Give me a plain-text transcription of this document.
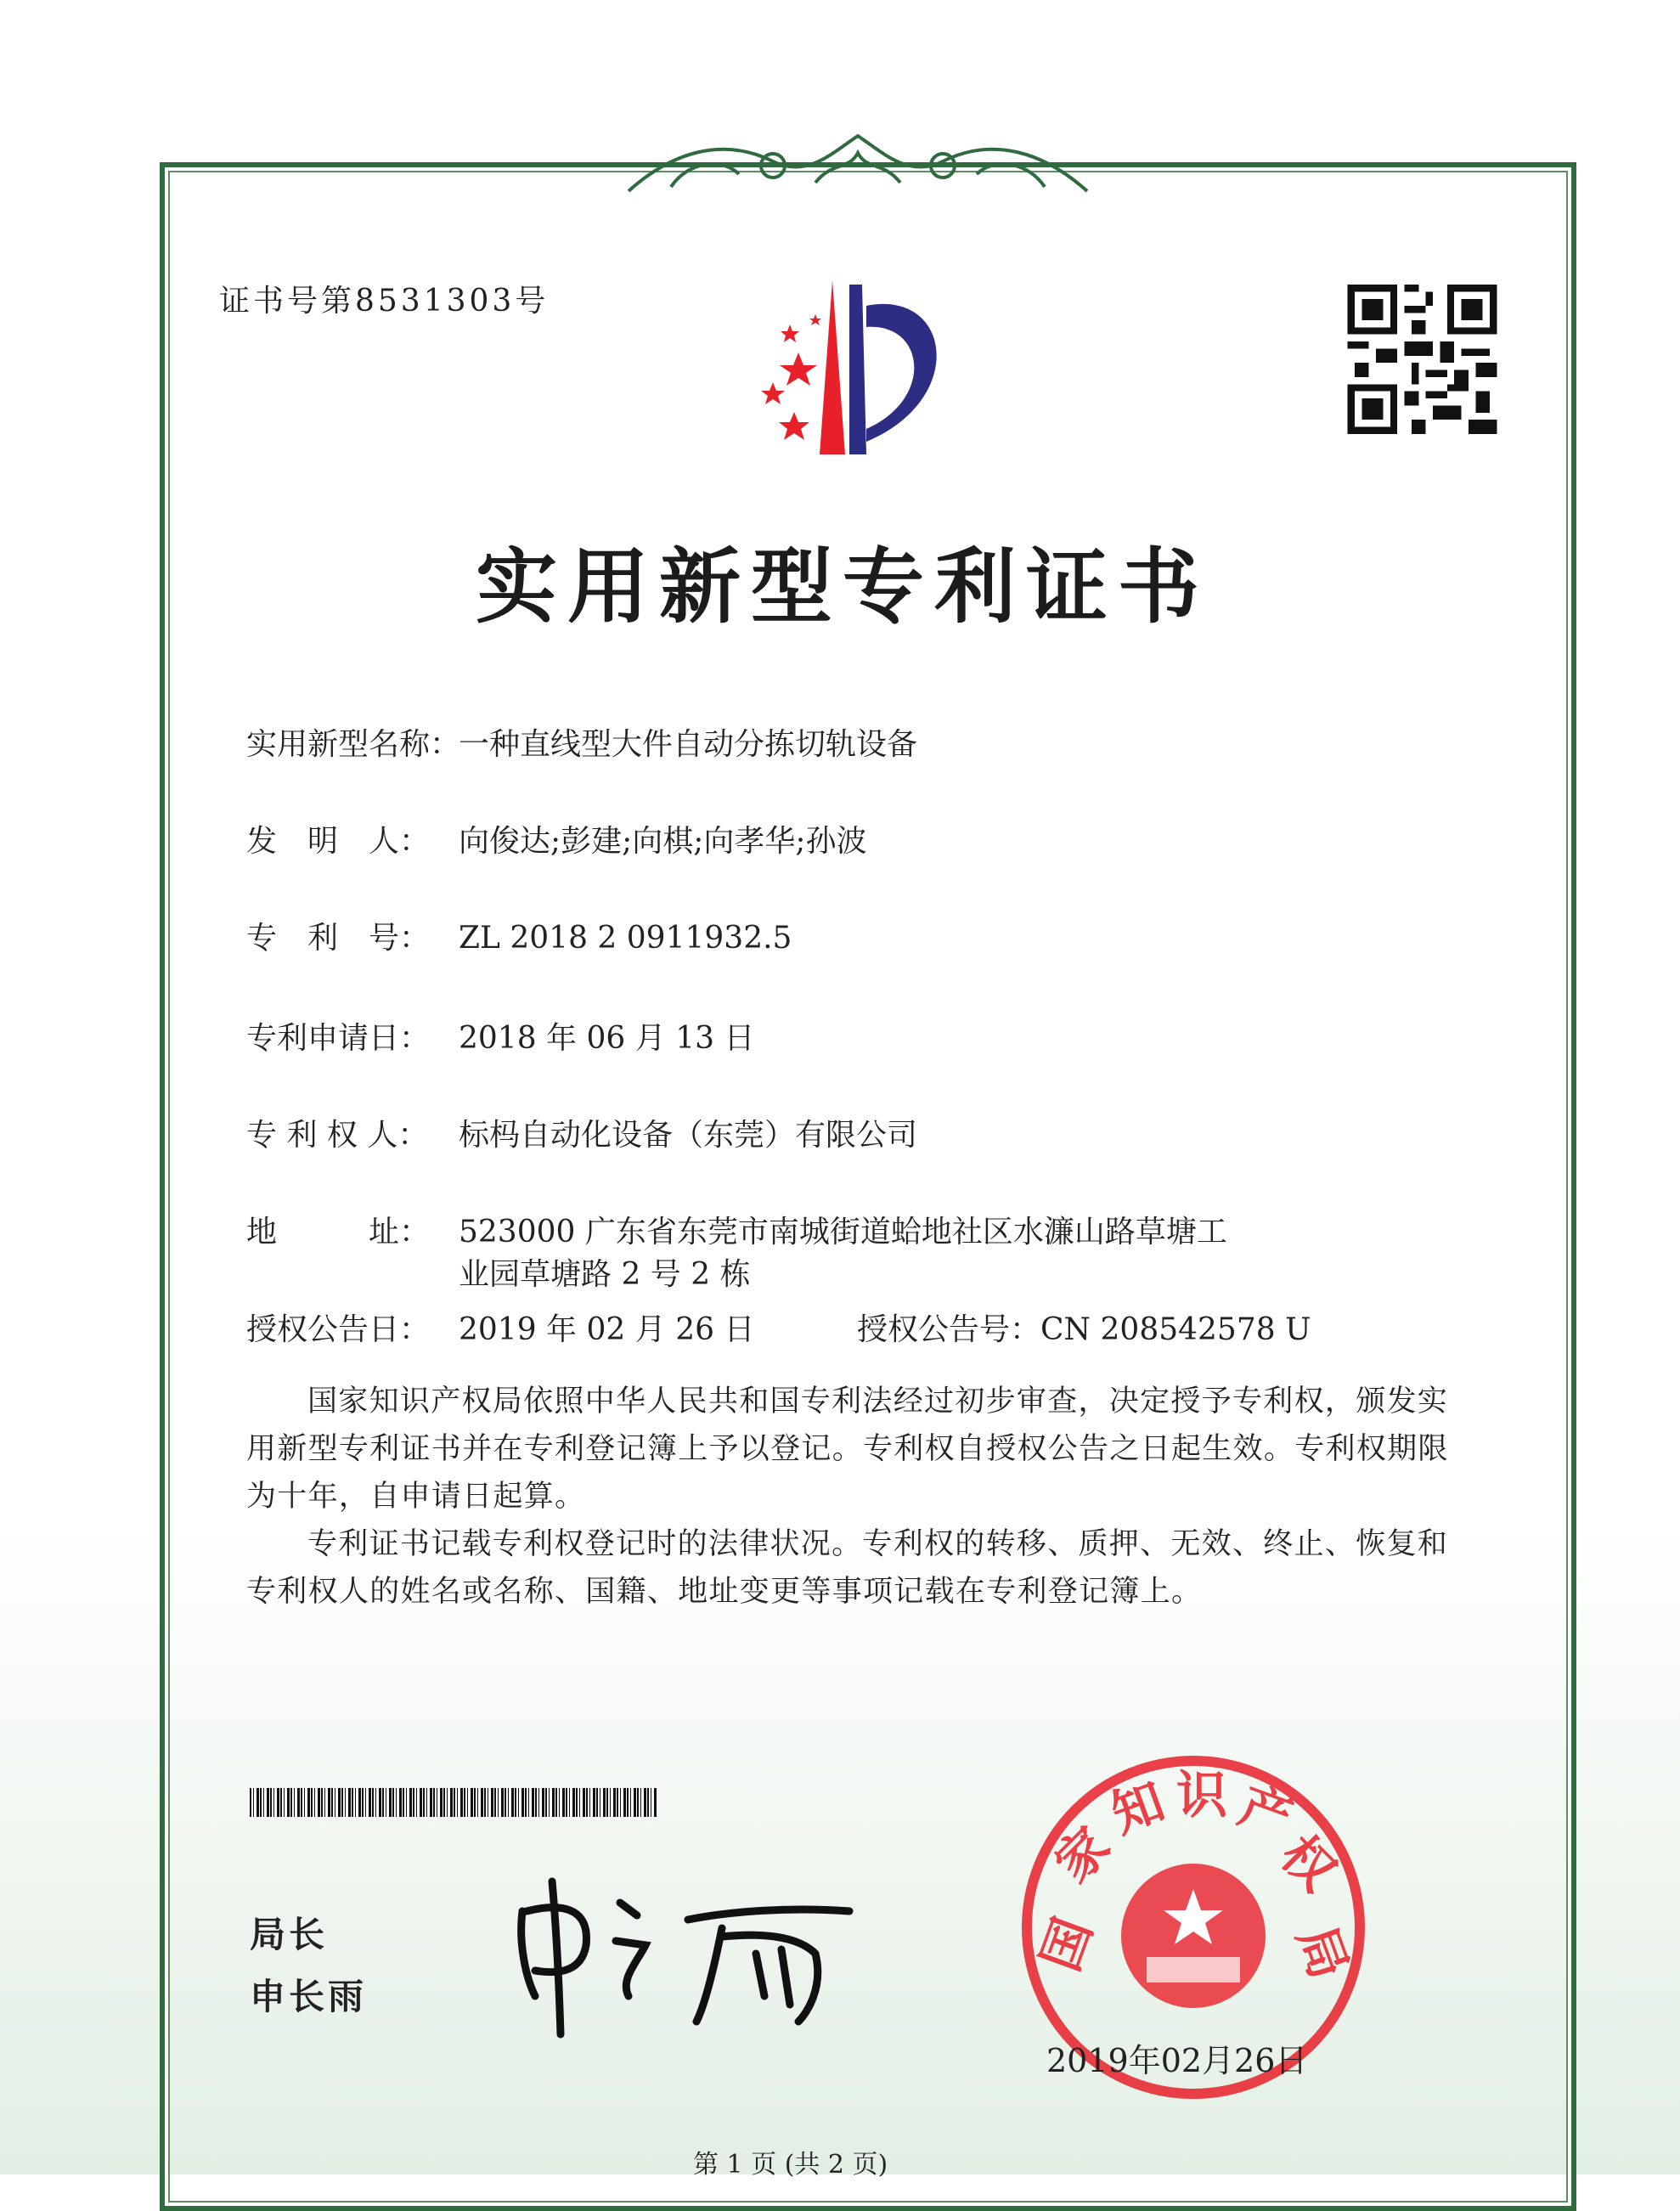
证书号第8531303号
实用新型专利证书
实用新型名称：一种直线型大件自动分拣切轨设备
发　明　人： 向俊达;彭建;向棋;向孝华;孙波
专　利　号： ZL 2018 2 0911932.5
专利申请日： 2018 年 06 月 13 日
专 利 权 人： 标杩自动化设备（东莞）有限公司
地　　　址： 523000 广东省东莞市南城街道蛤地社区水濂山路草塘工
业园草塘路 2 号 2 栋
授权公告日： 2019 年 02 月 26 日	授权公告号：CN 208542578 U

国家知识产权局依照中华人民共和国专利法经过初步审查，决定授予专利权，颁发实用新型专利证书并在专利登记簿上予以登记。专利权自授权公告之日起生效。专利权期限为十年，自申请日起算。

专利证书记载专利权登记时的法律状况。专利权的转移、质押、无效、终止、恢复和专利权人的姓名或名称、国籍、地址变更等事项记载在专利登记簿上。

局长
申长雨
国
家
知 识 产
权
局
2019年02月26日
第 1 页 (共 2 页)
